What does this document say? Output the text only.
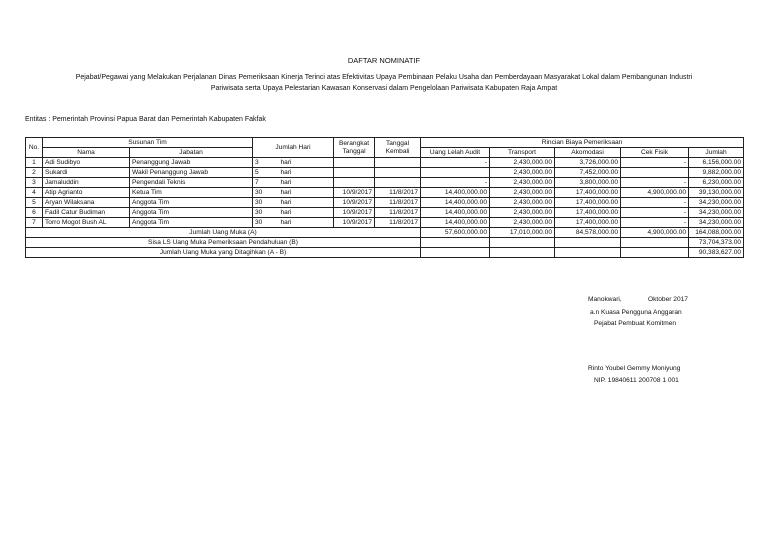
DAFTAR NOMINATIF
Pejabat/Pegawai yang Melakukan Perjalanan Dinas Pemeriksaan Kinerja Terinci atas Efektivitas Upaya Pembinaan Pelaku Usaha dan Pemberdayaan Masyarakat Lokal dalam Pembangunan Industri
Pariwisata serta Upaya Pelestarian Kawasan Konservasi dalam Pengelolaan Pariwisata Kabupaten Raja Ampat
Entitas : Pemerintah Provinsi Papua Barat dan Pemerintah Kabupaten Fakfak
No.	Susunan Tim		Jumlah Hari		Berangkat Tanggal	Tanggal Kembali	Rincian Biaya Pemeriksaan				
	Nama	Jabatan					Uang Lelah Audit	Transport	Akomodasi	Cek Fisik	Jumlah
1	Adi Sudibyo	Penanggung Jawab	3	hari			-	2,430,000.00	3,726,000.00	-	6,156,000.00
2	Sukardi	Wakil Penanggung Jawab	5	hari				2,430,000.00	7,452,000.00		9,882,000.00
3	Jamaluddin	Pengendali Teknis	7	hari			-	2,430,000.00	3,800,000.00	-	6,230,000.00
4	Atip Agrianto	Ketua Tim	30	hari	10/9/2017	11/8/2017	14,400,000.00	2,430,000.00	17,400,000.00	4,900,000.00	39,130,000.00
5	Aryan Wilaksana	Anggota Tim	30	hari	10/9/2017	11/8/2017	14,400,000.00	2,430,000.00	17,400,000.00	-	34,230,000.00
6	Fadil Catur Budiman	Anggota Tim	30	hari	10/9/2017	11/8/2017	14,400,000.00	2,430,000.00	17,400,000.00	-	34,230,000.00
7	Torro Mogot Bush AL	Anggota Tim	30	hari	10/9/2017	11/8/2017	14,400,000.00	2,430,000.00	17,400,000.00	-	34,230,000.00
Jumlah Uang Muka (A)							57,600,000.00	17,010,000.00	84,578,000.00	4,900,000.00	164,088,000.00
Sisa LS Uang Muka Pemeriksaan Pendahuluan (B)											73,704,373.00
Jumlah Uang Muka yang Ditagihkan (A - B)											90,383,627.00
Manokwari,	Oktober 2017
a.n Kuasa Pengguna Anggaran
Pejabat Pembuat Komitmen
Rinto Youbel Gemmy Moniyung
NIP. 19840611 200708 1 001
